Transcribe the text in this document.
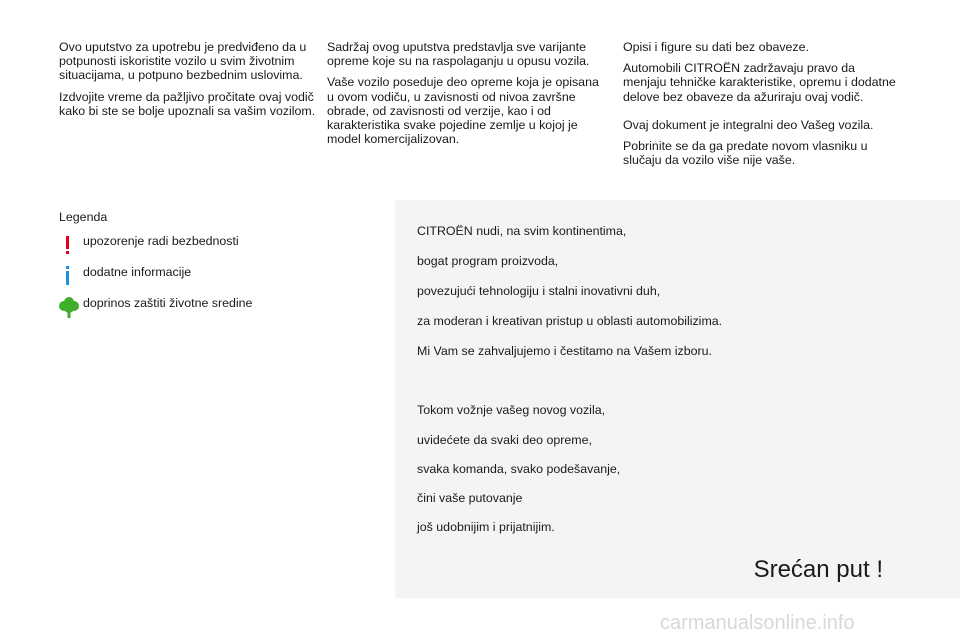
Ovo uputstvo za upotrebu je predviđeno da u potpunosti iskoristite vozilo u svim životnim situacijama, u potpuno bezbednim uslovima.

Izdvojite vreme da pažljivo pročitate ovaj vodič kako bi ste se bolje upoznali sa vašim vozilom.

Sadržaj ovog uputstva predstavlja sve varijante opreme koje su na raspolaganju u opusu vozila.

Vaše vozilo poseduje deo opreme koja je opisana u ovom vodiču, u zavisnosti od nivoa završne obrade, od zavisnosti od verzije, kao i od karakteristika svake pojedine zemlje u kojoj je model komercijalizovan.

Opisi i figure su dati bez obaveze.

Automobili CITROËN zadržavaju pravo da menjaju tehničke karakteristike, opremu i dodatne delove bez obaveze da ažuriraju ovaj vodič.

Ovaj dokument je integralni deo Vašeg vozila.

Pobrinite se da ga predate novom vlasniku u slučaju da vozilo više nije vaše.

Legenda
upozorenje radi bezbednosti
dodatne informacije
doprinos zaštiti životne sredine
CITROËN nudi, na svim kontinentima,
bogat program proizvoda,
povezujući tehnologiju i stalni inovativni duh,
za moderan i kreativan pristup u oblasti automobilizima.
Mi Vam se zahvaljujemo i čestitamo na Vašem izboru.
Tokom vožnje vašeg novog vozila,
uvidećete da svaki deo opreme,
svaka komanda, svako podešavanje,
čini vaše putovanje
još udobnijim i prijatnijim.
Srećan put !
carmanualsonline.info
